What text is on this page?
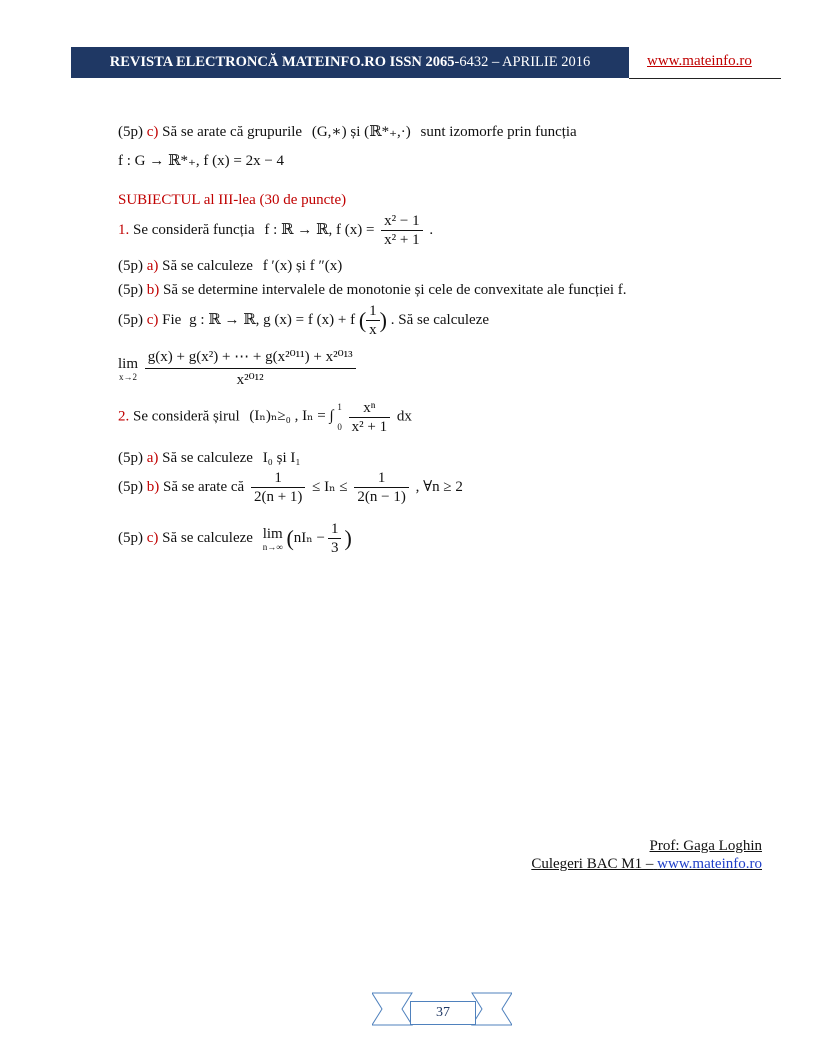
REVISTA ELECTRONCĂ MATEINFO.RO ISSN 2065 -6432 – APRILIE 2016	www.mateinfo.ro
(5p) c) Să se arate că grupurile (G,∗) și (ℝ*₊,·) sunt izomorfe prin funcția
f : G → ℝ*₊, f (x) = 2x − 4
SUBIECTUL al III-lea (30 de puncte)
1. Se consideră funcția f : ℝ → ℝ, f $(x) = \frac{\text{x² − 1}}{\text{x² + 1}}$ .
(5p) a) Să se calculeze f ′(x) și f ″(x)
(5p) b) Să se determine intervalele de monotonie și cele de convexitate ale funcției f.
(5p) c) Fie g : ℝ → ℝ, g (x) = f (x) + f ( $\frac{1}{x}$ ) . Să se calculeze
lim
x→2
$\frac{\text{g(x) + g(x²) + ⋯ + g(x²⁰¹¹) + x²⁰¹³}}{\text{x²⁰¹²}}$
2. Se consideră șirul (Iₙ)ₙ≥₀ , Iₙ = ∫
1
0
$\frac{\text{xⁿ}}{\text{x² + 1}}$ dx
(5p) a) Să se calculeze I₀ și I₁
(5p) b) Să se arate că $\frac{1}{2(n + 1)} \le I_n \le \frac{1}{2(n - 1)}$ , ∀n ≥ 2
(5p) c) Să se calculeze lim
n→∞ ($nI_n - \frac{1}{3}$ )
Prof: Gaga Loghin
Culegeri BAC M1 – www.mateinfo.ro
37
